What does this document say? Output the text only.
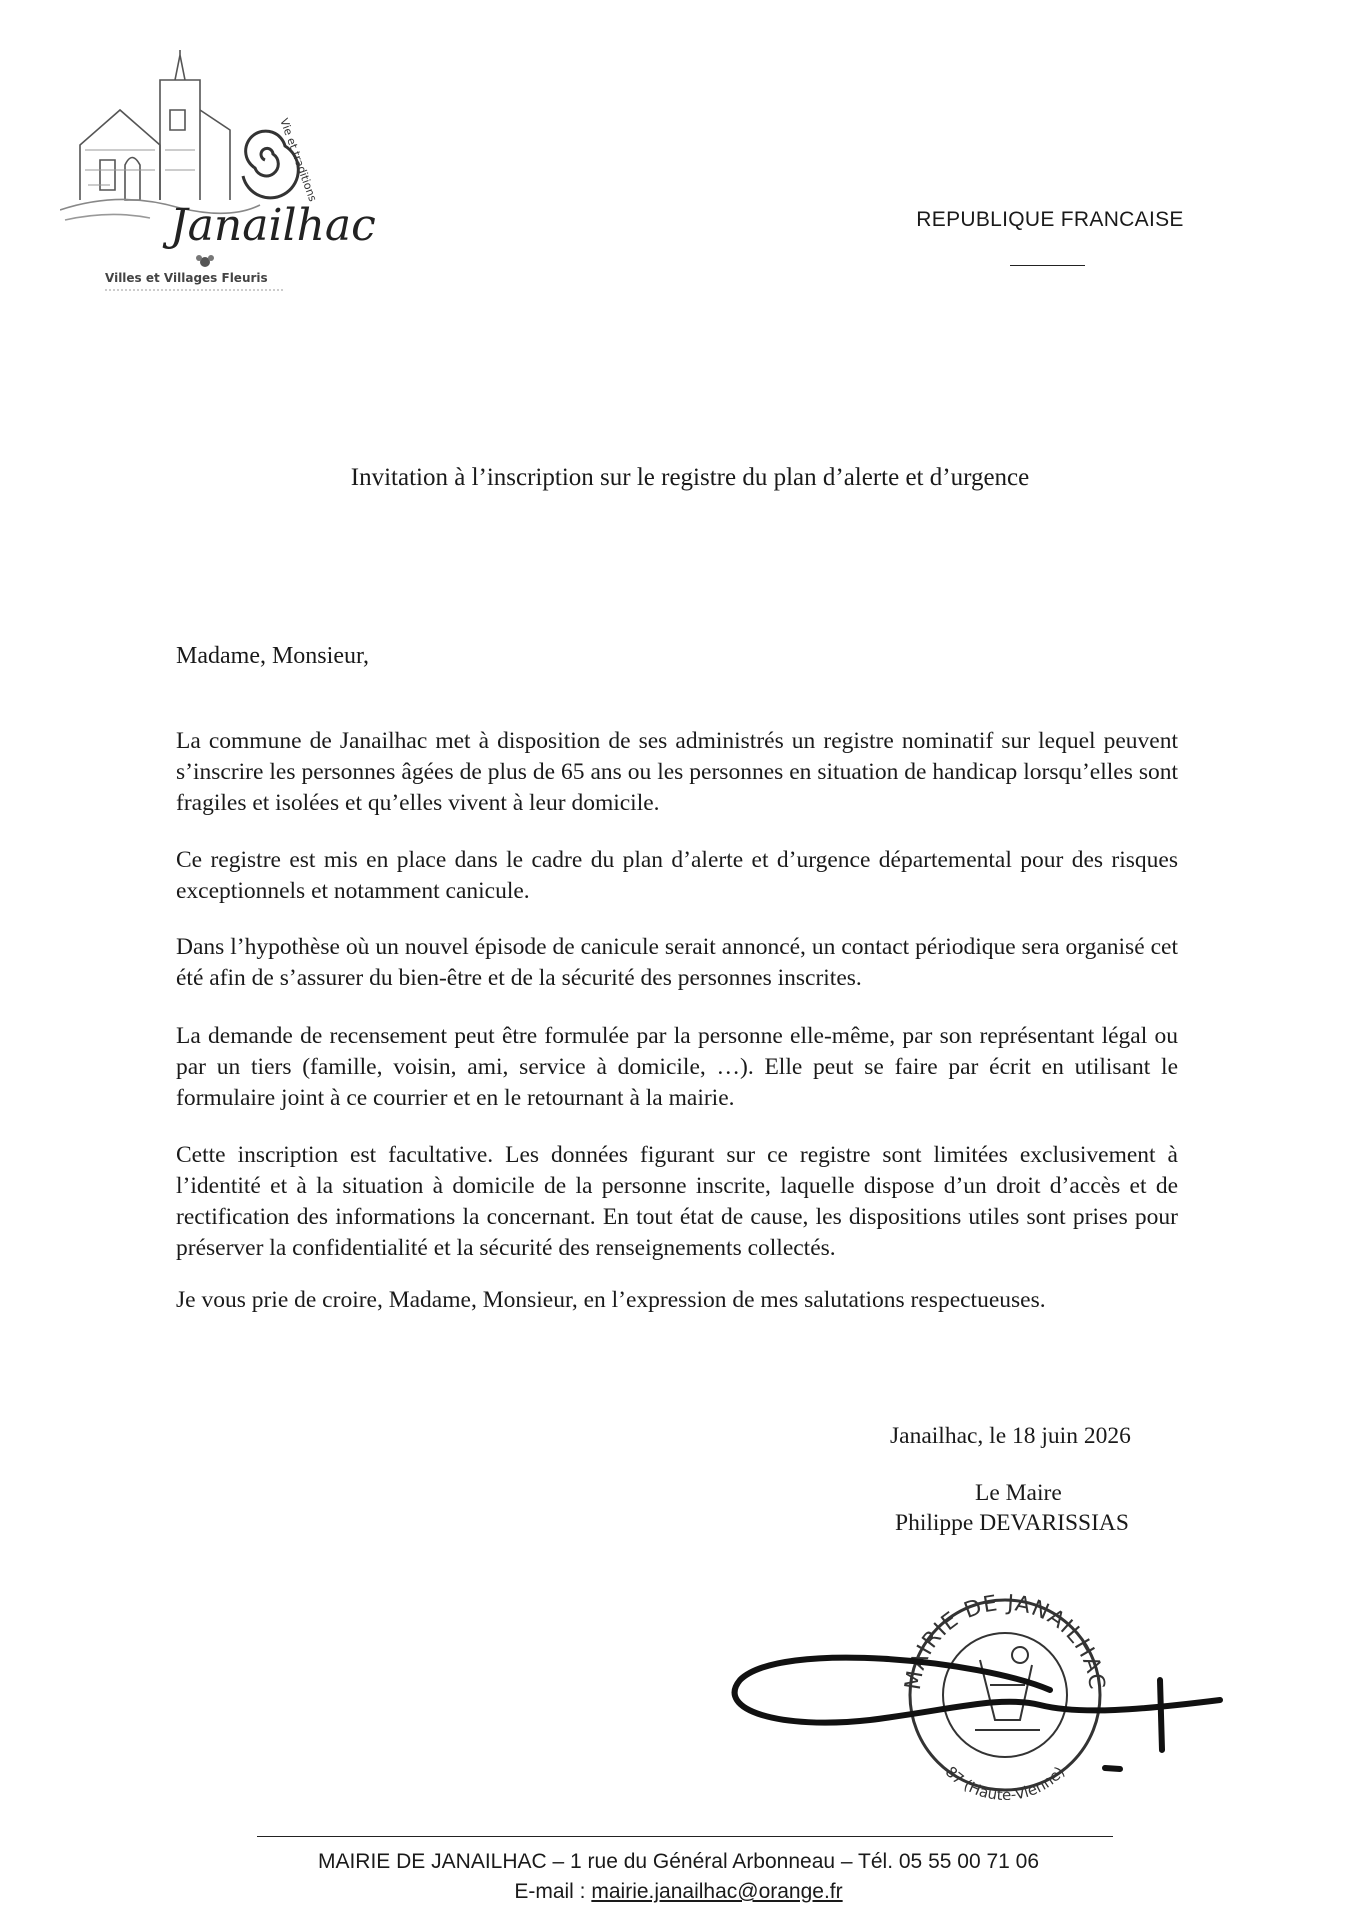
Vie et traditions
Janailhac
Villes et Villages Fleuris
REPUBLIQUE FRANCAISE
Invitation à l’inscription sur le registre du plan d’alerte et d’urgence
Madame, Monsieur,
La commune de Janailhac met à disposition de ses administrés un registre nominatif sur lequel peuvent s’inscrire les personnes âgées de plus de 65 ans ou les personnes en situation de handicap lorsqu’elles sont fragiles et isolées et qu’elles vivent à leur domicile.
Ce registre est mis en place dans le cadre du plan d’alerte et d’urgence départemental pour des risques exceptionnels et notamment canicule.
Dans l’hypothèse où un nouvel épisode de canicule serait annoncé, un contact périodique sera organisé cet été afin de s’assurer du bien-être et de la sécurité des personnes inscrites.
La demande de recensement peut être formulée par la personne elle-même, par son représentant légal ou par un tiers (famille, voisin, ami, service à domicile, …). Elle peut se faire par écrit en utilisant le formulaire joint à ce courrier et en le retournant à la mairie.
Cette inscription est facultative. Les données figurant sur ce registre sont limitées exclusivement à l’identité et à la situation à domicile de la personne inscrite, laquelle dispose d’un droit d’accès et de rectification des informations la concernant. En tout état de cause, les dispositions utiles sont prises pour préserver la confidentialité et la sécurité des renseignements collectés.
Je vous prie de croire, Madame, Monsieur, en l’expression de mes salutations respectueuses.
Janailhac, le 18 juin 2026
Le Maire
Philippe DEVARISSIAS
MAIRIE DE JANAILHAC
87 (Haute-Vienne)
MAIRIE DE JANAILHAC – 1 rue du Général Arbonneau – Tél. 05 55 00 71 06
E-mail : mairie.janailhac@orange.fr
